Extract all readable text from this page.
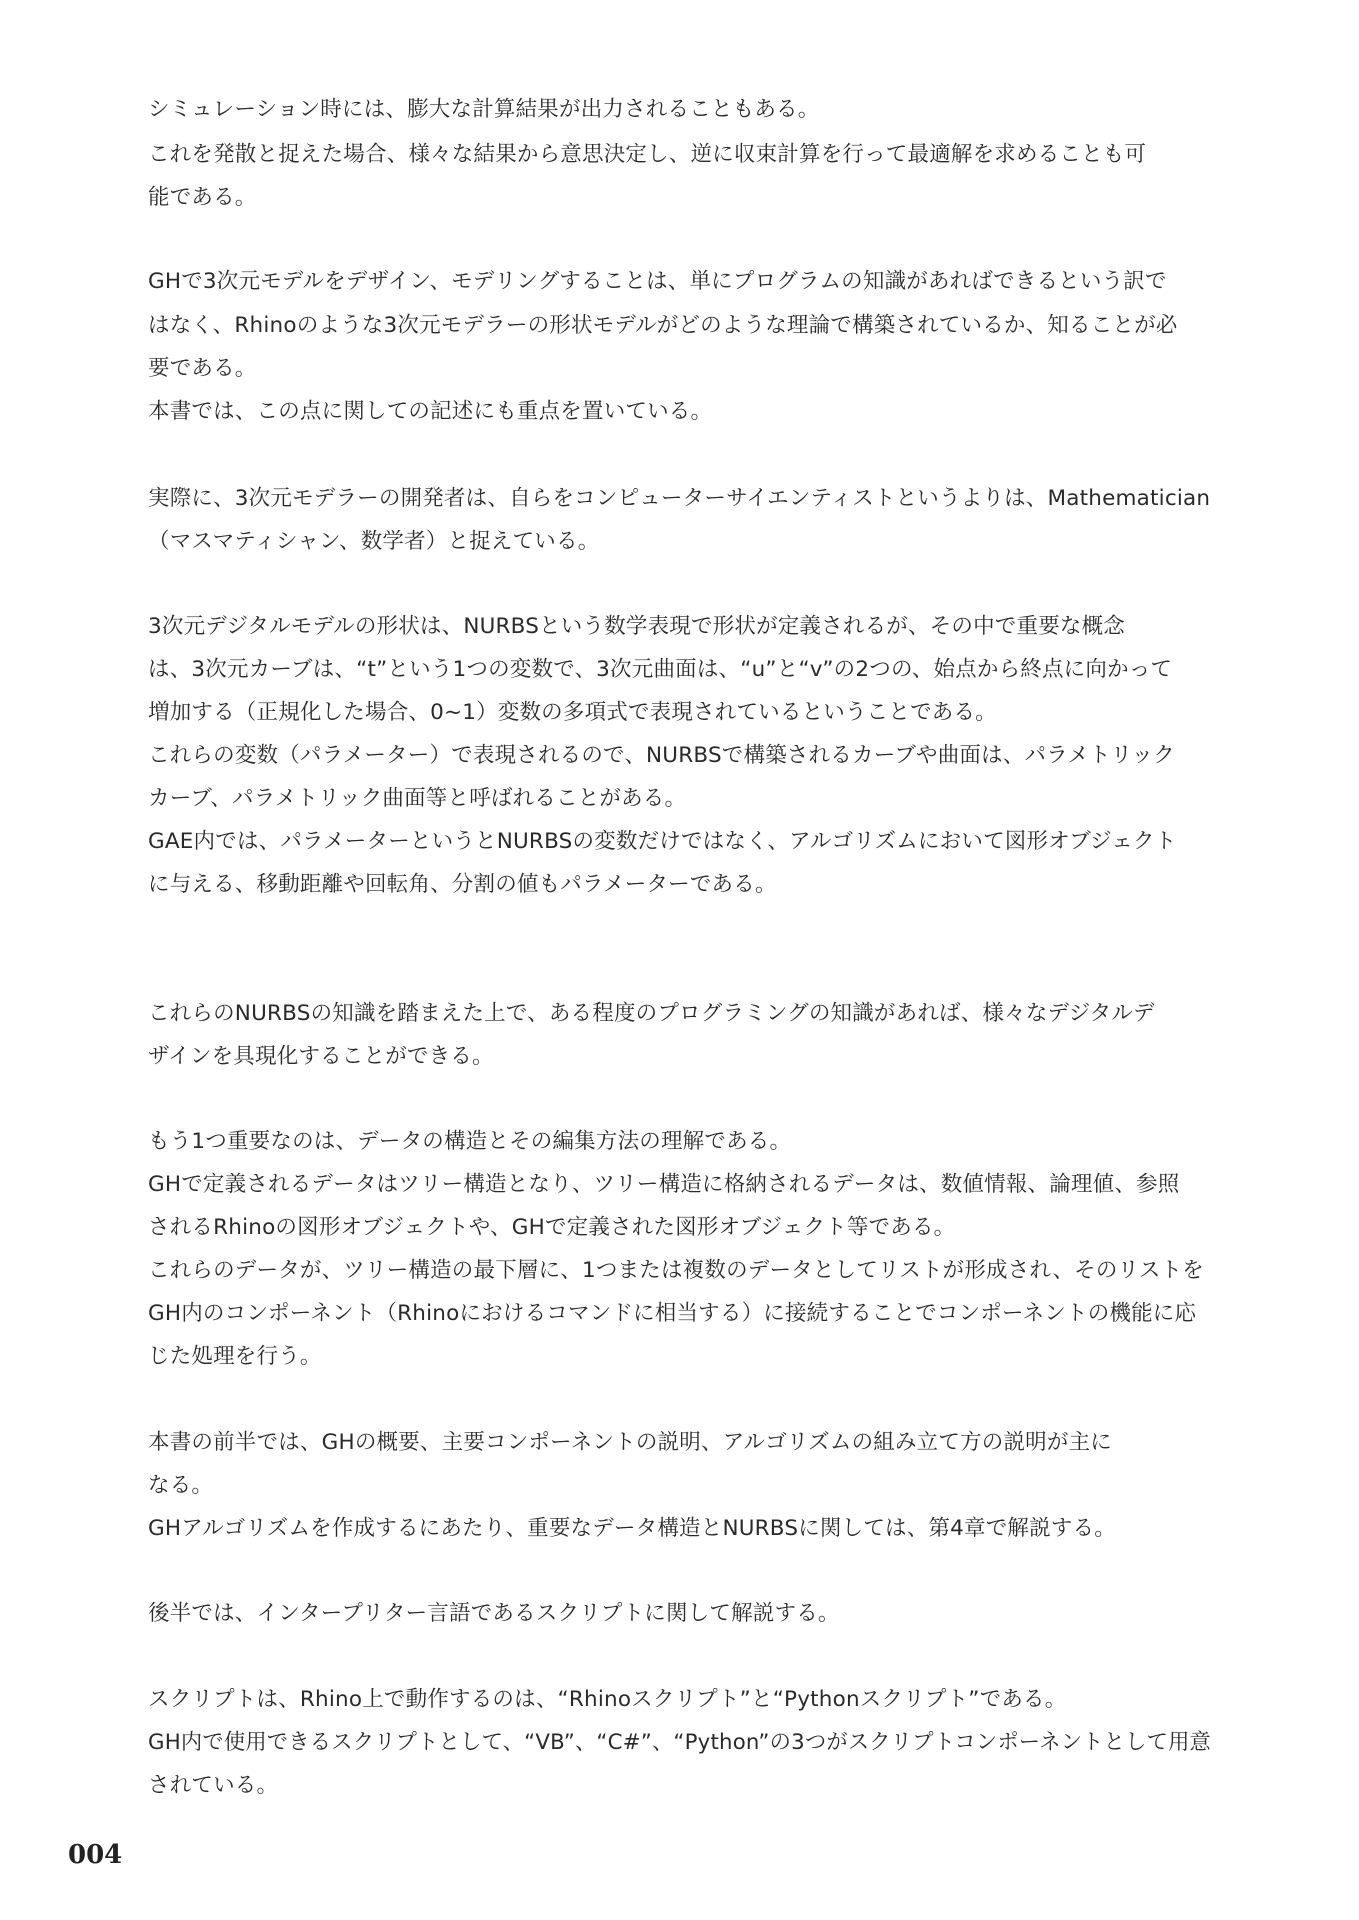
シミュレーション時には、膨大な計算結果が出力されることもある。
これを発散と捉えた場合、様々な結果から意思決定し、逆に収束計算を行って最適解を求めることも可
能である。
GHで3次元モデルをデザイン、モデリングすることは、単にプログラムの知識があればできるという訳で
はなく、Rhinoのような3次元モデラーの形状モデルがどのような理論で構築されているか、知ることが必
要である。
本書では、この点に関しての記述にも重点を置いている。
実際に、3次元モデラーの開発者は、自らをコンピューターサイエンティストというよりは、Mathematician
（マスマティシャン、数学者）と捉えている。
3次元デジタルモデルの形状は、NURBSという数学表現で形状が定義されるが、その中で重要な概念
は、3次元カーブは、“t”という1つの変数で、3次元曲面は、“u”と“v”の2つの、始点から終点に向かって
増加する（正規化した場合、0~1）変数の多項式で表現されているということである。
これらの変数（パラメーター）で表現されるので、NURBSで構築されるカーブや曲面は、パラメトリック
カーブ、パラメトリック曲面等と呼ばれることがある。
GAE内では、パラメーターというとNURBSの変数だけではなく、アルゴリズムにおいて図形オブジェクト
に与える、移動距離や回転角、分割の値もパラメーターである。
これらのNURBSの知識を踏まえた上で、ある程度のプログラミングの知識があれば、様々なデジタルデ
ザインを具現化することができる。
もう1つ重要なのは、データの構造とその編集方法の理解である。
GHで定義されるデータはツリー構造となり、ツリー構造に格納されるデータは、数値情報、論理値、参照
されるRhinoの図形オブジェクトや、GHで定義された図形オブジェクト等である。
これらのデータが、ツリー構造の最下層に、1つまたは複数のデータとしてリストが形成され、そのリストを
GH内のコンポーネント（Rhinoにおけるコマンドに相当する）に接続することでコンポーネントの機能に応
じた処理を行う。
本書の前半では、GHの概要、主要コンポーネントの説明、アルゴリズムの組み立て方の説明が主に
なる。
GHアルゴリズムを作成するにあたり、重要なデータ構造とNURBSに関しては、第4章で解説する。
後半では、インタープリター言語であるスクリプトに関して解説する。
スクリプトは、Rhino上で動作するのは、“Rhinoスクリプト”と“Pythonスクリプト”である。
GH内で使用できるスクリプトとして、“VB”、“C#”、“Python”の3つがスクリプトコンポーネントとして用意
されている。
004
